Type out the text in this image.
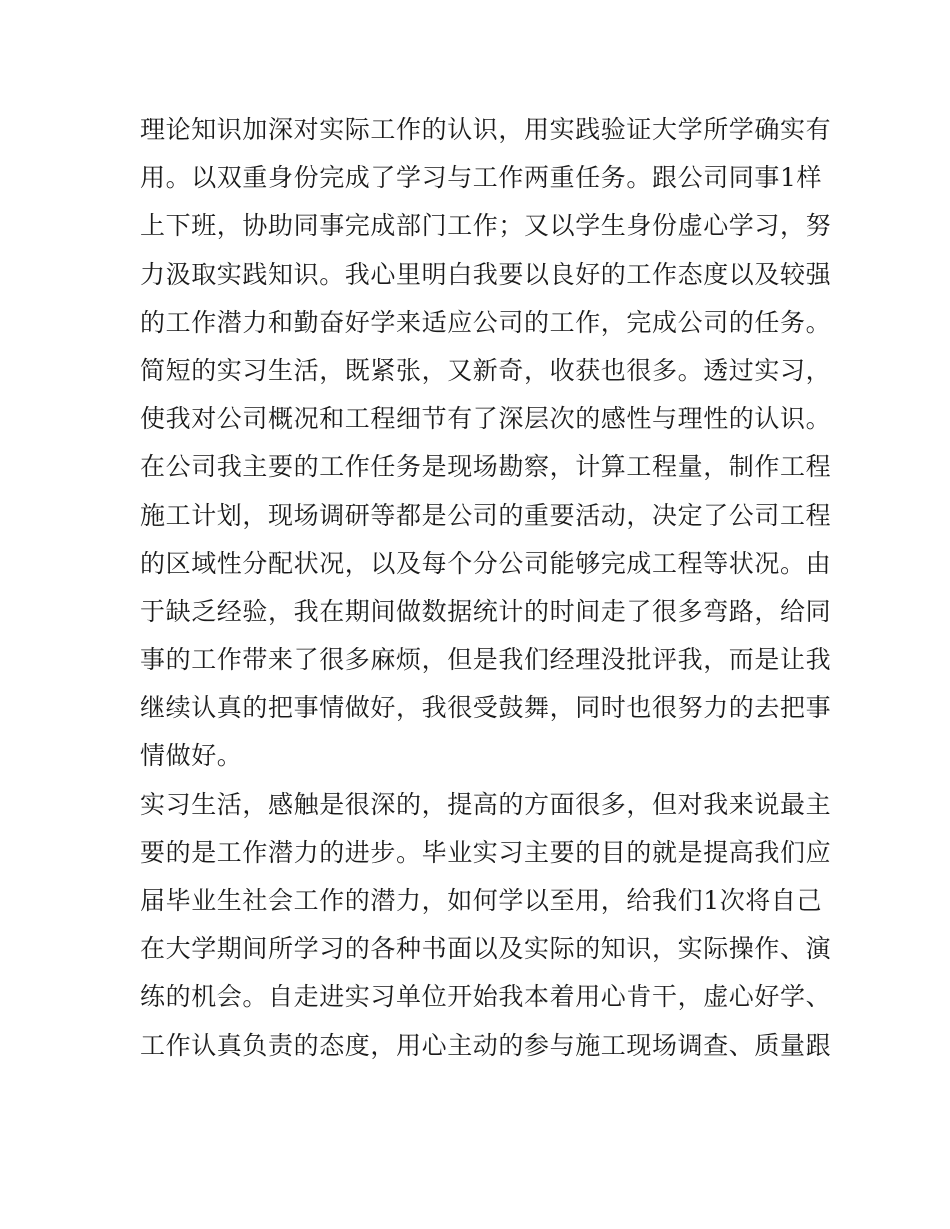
理论知识加深对实际工作的认识，用实践验证大学所学确实有
用。以双重身份完成了学习与工作两重任务。跟公司同事1样
上下班，协助同事完成部门工作；又以学生身份虚心学习，努
力汲取实践知识。我心里明白我要以良好的工作态度以及较强
的工作潜力和勤奋好学来适应公司的工作，完成公司的任务。
简短的实习生活，既紧张，又新奇，收获也很多。透过实习，
使我对公司概况和工程细节有了深层次的感性与理性的认识。
在公司我主要的工作任务是现场勘察，计算工程量，制作工程
施工计划，现场调研等都是公司的重要活动，决定了公司工程
的区域性分配状况，以及每个分公司能够完成工程等状况。由
于缺乏经验，我在期间做数据统计的时间走了很多弯路，给同
事的工作带来了很多麻烦，但是我们经理没批评我，而是让我
继续认真的把事情做好，我很受鼓舞，同时也很努力的去把事
情做好。
实习生活，感触是很深的，提高的方面很多，但对我来说最主
要的是工作潜力的进步。毕业实习主要的目的就是提高我们应
届毕业生社会工作的潜力，如何学以至用，给我们1次将自己
在大学期间所学习的各种书面以及实际的知识，实际操作、演
练的机会。自走进实习单位开始我本着用心肯干，虚心好学、
工作认真负责的态度，用心主动的参与施工现场调查、质量跟
